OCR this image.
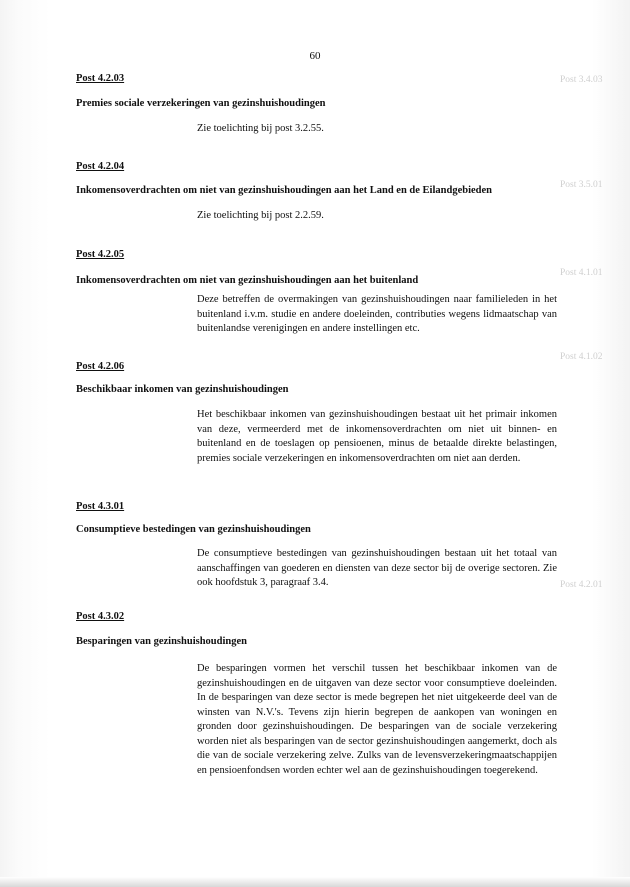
Post 3.4.03
Post 3.5.01
Post 4.1.01
Post 4.1.02
Post 4.2.01
60
Post 4.2.03
Premies sociale verzekeringen van gezinshuishoudingen
Zie toelichting bij post 3.2.55.
Post 4.2.04
Inkomensoverdrachten om niet van gezinshuishoudingen aan het Land en de Eilandgebieden
Zie toelichting bij post 2.2.59.
Post 4.2.05
Inkomensoverdrachten om niet van gezinshuishoudingen aan het buitenland
Deze betreffen de overmakingen van gezinshuishoudingen naar familieleden in het buitenland i.v.m. studie en andere doeleinden, contributies wegens lidmaatschap van buitenlandse verenigingen en andere instellingen etc.
Post 4.2.06
Beschikbaar inkomen van gezinshuishoudingen
Het beschikbaar inkomen van gezinshuishoudingen bestaat uit het primair inkomen van deze, vermeerderd met de inkomensoverdrachten om niet uit binnen- en buitenland en de toeslagen op pensioenen, minus de betaalde direkte belastingen, premies sociale verzekeringen en inkomensoverdrachten om niet aan derden.
Post 4.3.01
Consumptieve bestedingen van gezinshuishoudingen
De consumptieve bestedingen van gezinshuishoudingen bestaan uit het totaal van aanschaffingen van goederen en diensten van deze sector bij de overige sectoren. Zie ook hoofdstuk 3, paragraaf 3.4.
Post 4.3.02
Besparingen van gezinshuishoudingen
De besparingen vormen het verschil tussen het beschikbaar inkomen van de gezinshuishoudingen en de uitgaven van deze sector voor consumptieve doeleinden. In de besparingen van deze sector is mede begrepen het niet uitgekeerde deel van de winsten van N.V.'s. Tevens zijn hierin begrepen de aankopen van woningen en gronden door gezinshuishoudingen. De besparingen van de sociale verzekering worden niet als besparingen van de sector gezinshuishoudingen aangemerkt, doch als die van de sociale verzekering zelve. Zulks van de levensverzekeringmaatschappijen en pensioenfondsen worden echter wel aan de gezinshuishoudingen toegerekend.
